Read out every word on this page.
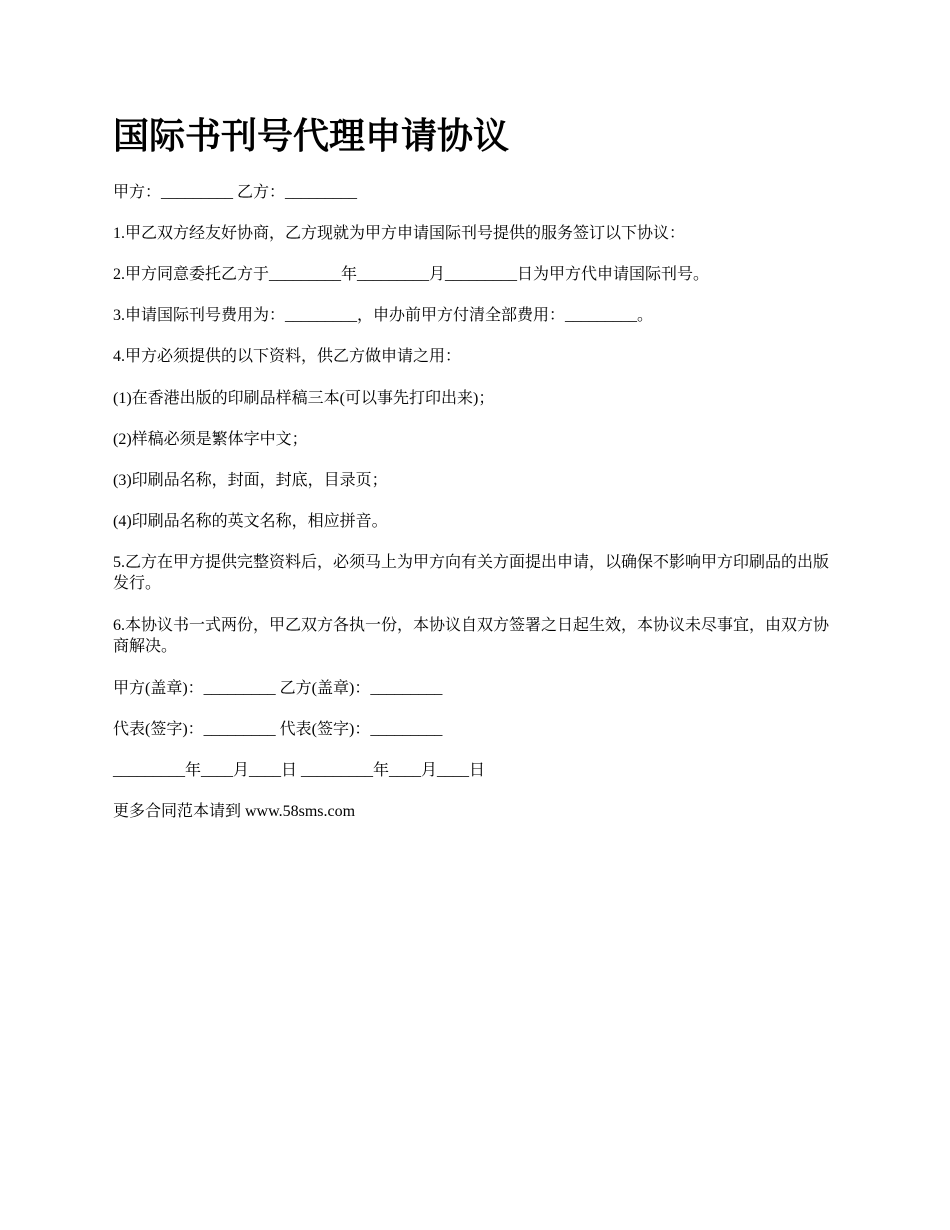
国际书刊号代理申请协议

甲方：_________ 乙方：_________

1.甲乙双方经友好协商，乙方现就为甲方申请国际刊号提供的服务签订以下协议：

2.甲方同意委托乙方于_________年_________月_________日为甲方代申请国际刊号。

3.申请国际刊号费用为：_________，申办前甲方付清全部费用：_________。

4.甲方必须提供的以下资料，供乙方做申请之用：

(1)在香港出版的印刷品样稿三本(可以事先打印出来)；

(2)样稿必须是繁体字中文；

(3)印刷品名称，封面，封底，目录页；

(4)印刷品名称的英文名称，相应拼音。

5.乙方在甲方提供完整资料后，必须马上为甲方向有关方面提出申请，以确保不影响甲方印刷品的出版发行。

6.本协议书一式两份，甲乙双方各执一份，本协议自双方签署之日起生效，本协议未尽事宜，由双方协商解决。

甲方(盖章)：_________ 乙方(盖章)：_________

代表(签字)：_________ 代表(签字)：_________

_________年____月____日 _________年____月____日

更多合同范本请到 www.58sms.com
